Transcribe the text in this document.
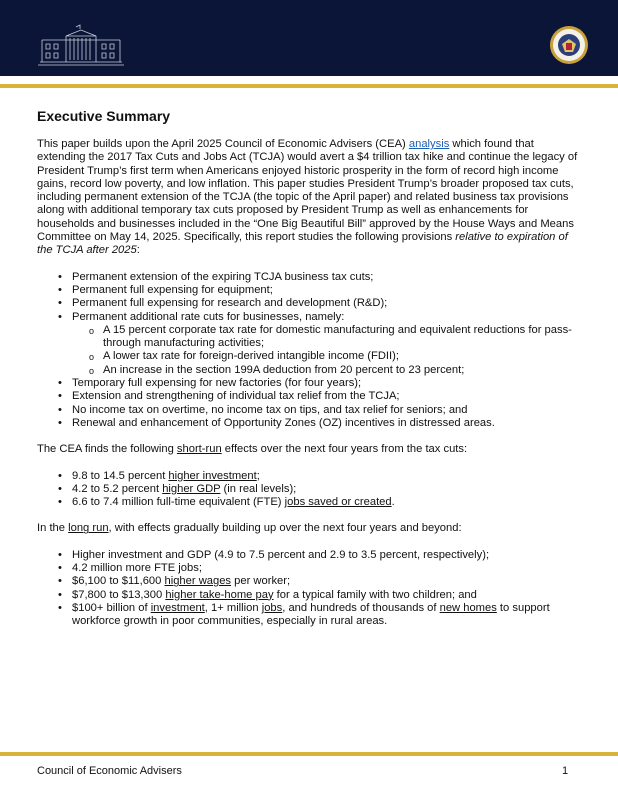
Executive Summary

This paper builds upon the April 2025 Council of Economic Advisers (CEA) analysis which found that extending the 2017 Tax Cuts and Jobs Act (TCJA) would avert a $4 trillion tax hike and continue the legacy of President Trump’s first term when Americans enjoyed historic prosperity in the form of record high income gains, record low poverty, and low inflation. This paper studies President Trump’s broader proposed tax cuts, including permanent extension of the TCJA (the topic of the April paper) and related business tax provisions along with additional temporary tax cuts proposed by President Trump as well as enhancements for households and businesses included in the “One Big Beautiful Bill” approved by the House Ways and Means Committee on May 14, 2025. Specifically, this report studies the following provisions relative to expiration of the TCJA after 2025:

• Permanent extension of the expiring TCJA business tax cuts;
• Permanent full expensing for equipment;
• Permanent full expensing for research and development (R&D);
• Permanent additional rate cuts for businesses, namely:
o A 15 percent corporate tax rate for domestic manufacturing and equivalent reductions for pass-through manufacturing activities;
o A lower tax rate for foreign-derived intangible income (FDII);
o An increase in the section 199A deduction from 20 percent to 23 percent;
• Temporary full expensing for new factories (for four years);
• Extension and strengthening of individual tax relief from the TCJA;
• No income tax on overtime, no income tax on tips, and tax relief for seniors; and
• Renewal and enhancement of Opportunity Zones (OZ) incentives in distressed areas.

The CEA finds the following short-run effects over the next four years from the tax cuts:

• 9.8 to 14.5 percent higher investment;
• 4.2 to 5.2 percent higher GDP (in real levels);
• 6.6 to 7.4 million full-time equivalent (FTE) jobs saved or created.

In the long run, with effects gradually building up over the next four years and beyond:

• Higher investment and GDP (4.9 to 7.5 percent and 2.9 to 3.5 percent, respectively);
• 4.2 million more FTE jobs;
• $6,100 to $11,600 higher wages per worker;
• $7,800 to $13,300 higher take-home pay for a typical family with two children; and
• $100+ billion of investment, 1+ million jobs, and hundreds of thousands of new homes to support workforce growth in poor communities, especially in rural areas.
Council of Economic Advisers	1
